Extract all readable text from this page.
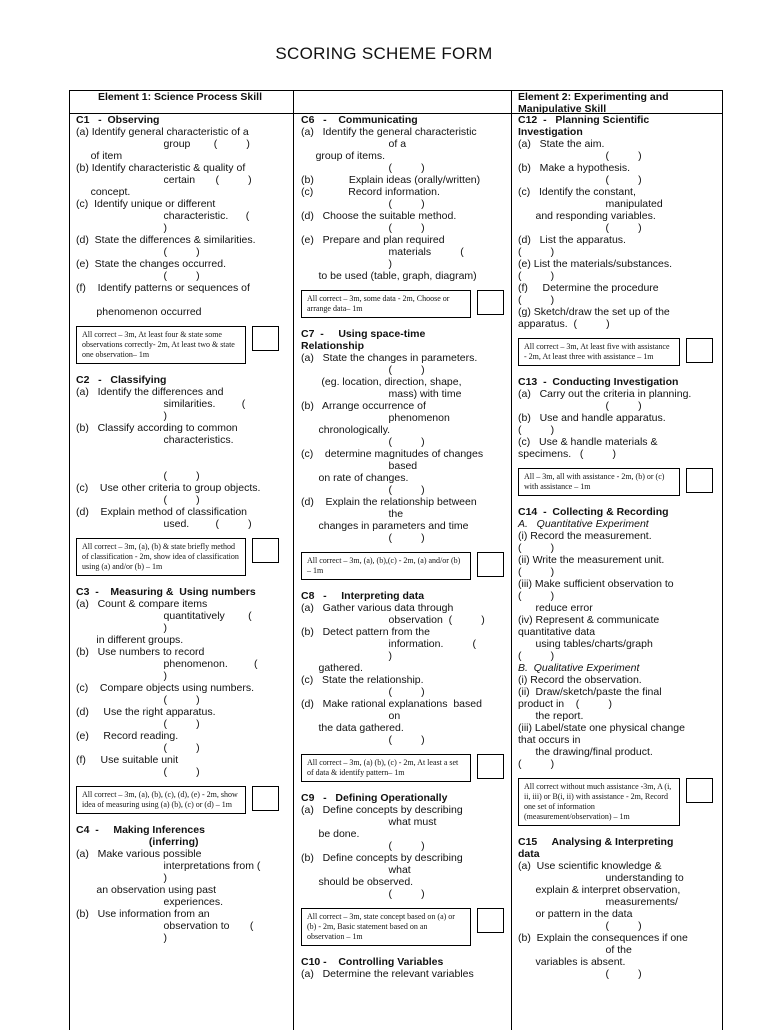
SCORING SCHEME FORM
Element 1: Science Process Skill	Element 2: Experimenting and Manipulative Skill
C1   -  Observing
(a) Identify general characteristic of a
group        (          )
of item
(b) Identify characteristic & quality of
certain       (          )
concept.
(c)  Identify unique or different
characteristic.      (
)
(d)  State the differences & similarities.
(          )
(e)  State the changes occurred.
(          )
(f)    Identify patterns or sequences of

phenomenon occurred
All correct – 3m, At least four & state some observations correctly- 2m, At least two & state one observation– 1m
C2   -   Classifying
(a)   Identify the differences and
similarities.         (
)
(b)   Classify according to common
characteristics.

(          )
(c)    Use other criteria to group objects.
(          )
(d)    Explain method of classification
used.         (          )
All correct – 3m, (a), (b) & state briefly method of classification - 2m, show idea of classification using (a) and/or (b) – 1m
C3  -    Measuring &  Using numbers
(a)   Count & compare items
quantitatively        (
)
in different groups.
(b)   Use numbers to record
phenomenon.         (
)
(c)    Compare objects using numbers.
(          )
(d)     Use the right apparatus.
(          )
(e)     Record reading.
(          )
(f)     Use suitable unit
(          )
All correct – 3m, (a), (b), (c), (d), (e) - 2m, show idea of measuring using (a) (b), (c) or (d) – 1m
C4  -     Making Inferences
(inferring)
(a)   Make various possible
interpretations from (
)
an observation using past
experiences.
(b)   Use information from an
observation to       (
)
C6   -    Communicating
(a)   Identify the general characteristic
of a
group of items.
(          )
(b)            Explain ideas (orally/written)
(c)            Record information.
(          )
(d)   Choose the suitable method.
(          )
(e)   Prepare and plan required
materials          (
)
to be used (table, graph, diagram)
All correct – 3m, some data - 2m, Choose or arrange data– 1m
C7  -     Using space-time
Relationship
(a)   State the changes in parameters.
(          )
(eg. location, direction, shape,
mass) with time
(b)   Arrange occurrence of
phenomenon
chronologically.
(          )
(c)    determine magnitudes of changes
based
on rate of changes.
(          )
(d)    Explain the relationship between
the
changes in parameters and time
(          )
All correct – 3m, (a), (b),(c) - 2m, (a) and/or (b) – 1m
C8   -     Interpreting data
(a)   Gather various data through
observation  (          )
(b)   Detect pattern from the
information.          (
)
gathered.
(c)   State the relationship.
(          )
(d)   Make rational explanations  based
on
the data gathered.
(          )
All correct – 3m, (a) (b), (c) - 2m, At least a set of data & identify pattern– 1m
C9   -   Defining Operationally
(a)   Define concepts by describing
what must
be done.
(          )
(b)   Define concepts by describing
what
should be observed.
(          )
All correct – 3m, state concept based on (a) or (b) - 2m, Basic statement based on an observation – 1m
C10 -    Controlling Variables
(a)   Determine the relevant variables
C12  -   Planning Scientific
Investigation
(a)   State the aim.
(          )
(b)   Make a hypothesis.
(          )
(c)   Identify the constant,
manipulated
and responding variables.
(          )
(d)   List the apparatus.
(          )
(e) List the materials/substances.
(          )
(f)     Determine the procedure
(          )
(g) Sketch/draw the set up of the
apparatus.  (          )
All correct – 3m, At least five with assistance - 2m, At least three with assistance – 1m
C13  -  Conducting Investigation
(a)   Carry out the criteria in planning.
(          )
(b)   Use and handle apparatus.
(          )
(c)   Use & handle materials &
specimens.   (          )
All – 3m, all with assistance - 2m, (b) or (c) with assistance – 1m
C14  -  Collecting & Recording
A.   Quantitative Experiment
(i) Record the measurement.
(          )
(ii) Write the measurement unit.
(          )
(iii) Make sufficient observation to
(          )
reduce error
(iv) Represent & communicate
quantitative data
using tables/charts/graph
(          )
B.  Qualitative Experiment
(i) Record the observation.
(ii)  Draw/sketch/paste the final
product in    (          )
the report.
(iii) Label/state one physical change
that occurs in
the drawing/final product.
(          )
All correct without much assistance -3m, A (i, ii, iii) or B(i, ii) with assistance - 2m, Record one set of information (measurement/observation) – 1m
C15     Analysing & Interpreting
data
(a)  Use scientific knowledge &
understanding to
explain & interpret observation,
measurements/
or pattern in the data
(          )
(b)  Explain the consequences if one
of the
variables is absent.
(          )
